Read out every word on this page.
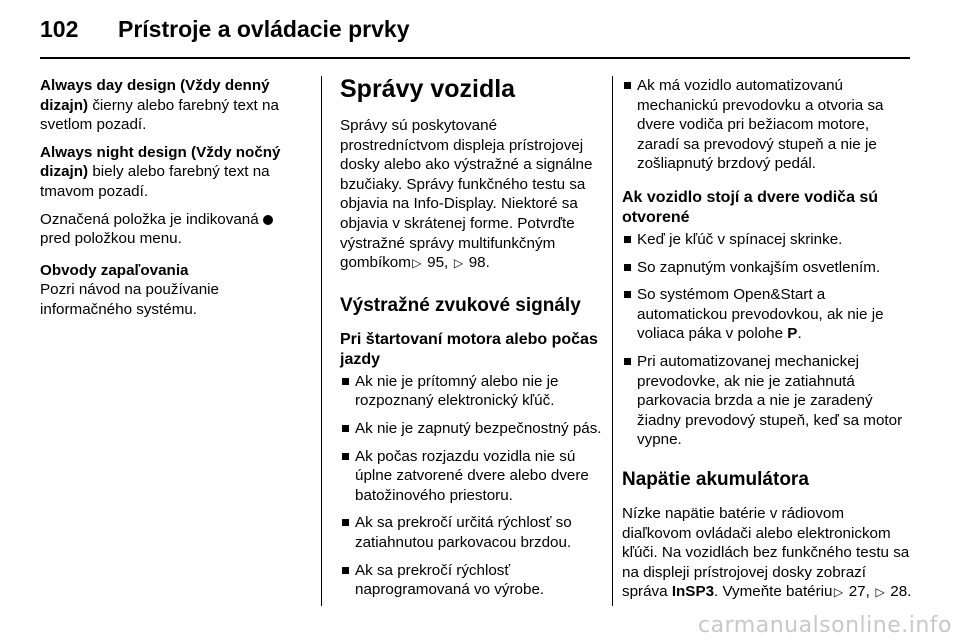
102 Prístroje a ovládacie prvky

Always day design (Vždy denný dizajn) čierny alebo farebný text na svetlom pozadí.

Always night design (Vždy nočný dizajn) biely alebo farebný text na tmavom pozadí.

Označená položka je indikovaná  pred položkou menu.

Obvody zapaľovania
Pozri návod na používanie informačného systému.

Správy vozidla

Správy sú poskytované prostredníctvom displeja prístrojovej dosky alebo ako výstražné a signálne bzučiaky. Správy funkčného testu sa objavia na Info-Display. Niektoré sa objavia v skrátenej forme. Potvrďte výstražné správy multifunkčným gombíkom▷ 95, ▷ 98.

Výstražné zvukové signály
Pri štartovaní motora alebo počas jazdy
Ak nie je prítomný alebo nie je rozpoznaný elektronický kľúč.
Ak nie je zapnutý bezpečnostný pás.
Ak počas rozjazdu vozidla nie sú úplne zatvorené dvere alebo dvere batožinového priestoru.
Ak sa prekročí určitá rýchlosť so zatiahnutou parkovacou brzdou.
Ak sa prekročí rýchlosť naprogramovaná vo výrobe.
Ak má vozidlo automatizovanú mechanickú prevodovku a otvoria sa dvere vodiča pri bežiacom motore, zaradí sa prevodový stupeň a nie je zošliapnutý brzdový pedál.
Ak vozidlo stojí a dvere vodiča sú otvorené
Keď je kľúč v spínacej skrinke.
So zapnutým vonkajším osvetlením.
So systémom Open&Start a automatickou prevodovkou, ak nie je voliaca páka v polohe P.
Pri automatizovanej mechanickej prevodovke, ak nie je zatiahnutá parkovacia brzda a nie je zaradený žiadny prevodový stupeň, keď sa motor vypne.
Napätie akumulátora

Nízke napätie batérie v rádiovom diaľkovom ovládači alebo elektronickom kľúči. Na vozidlách bez funkčného testu sa na displeji prístrojovej dosky zobrazí správa InSP3. Vymeňte batériu▷ 27, ▷ 28.

carmanualsonline.info
